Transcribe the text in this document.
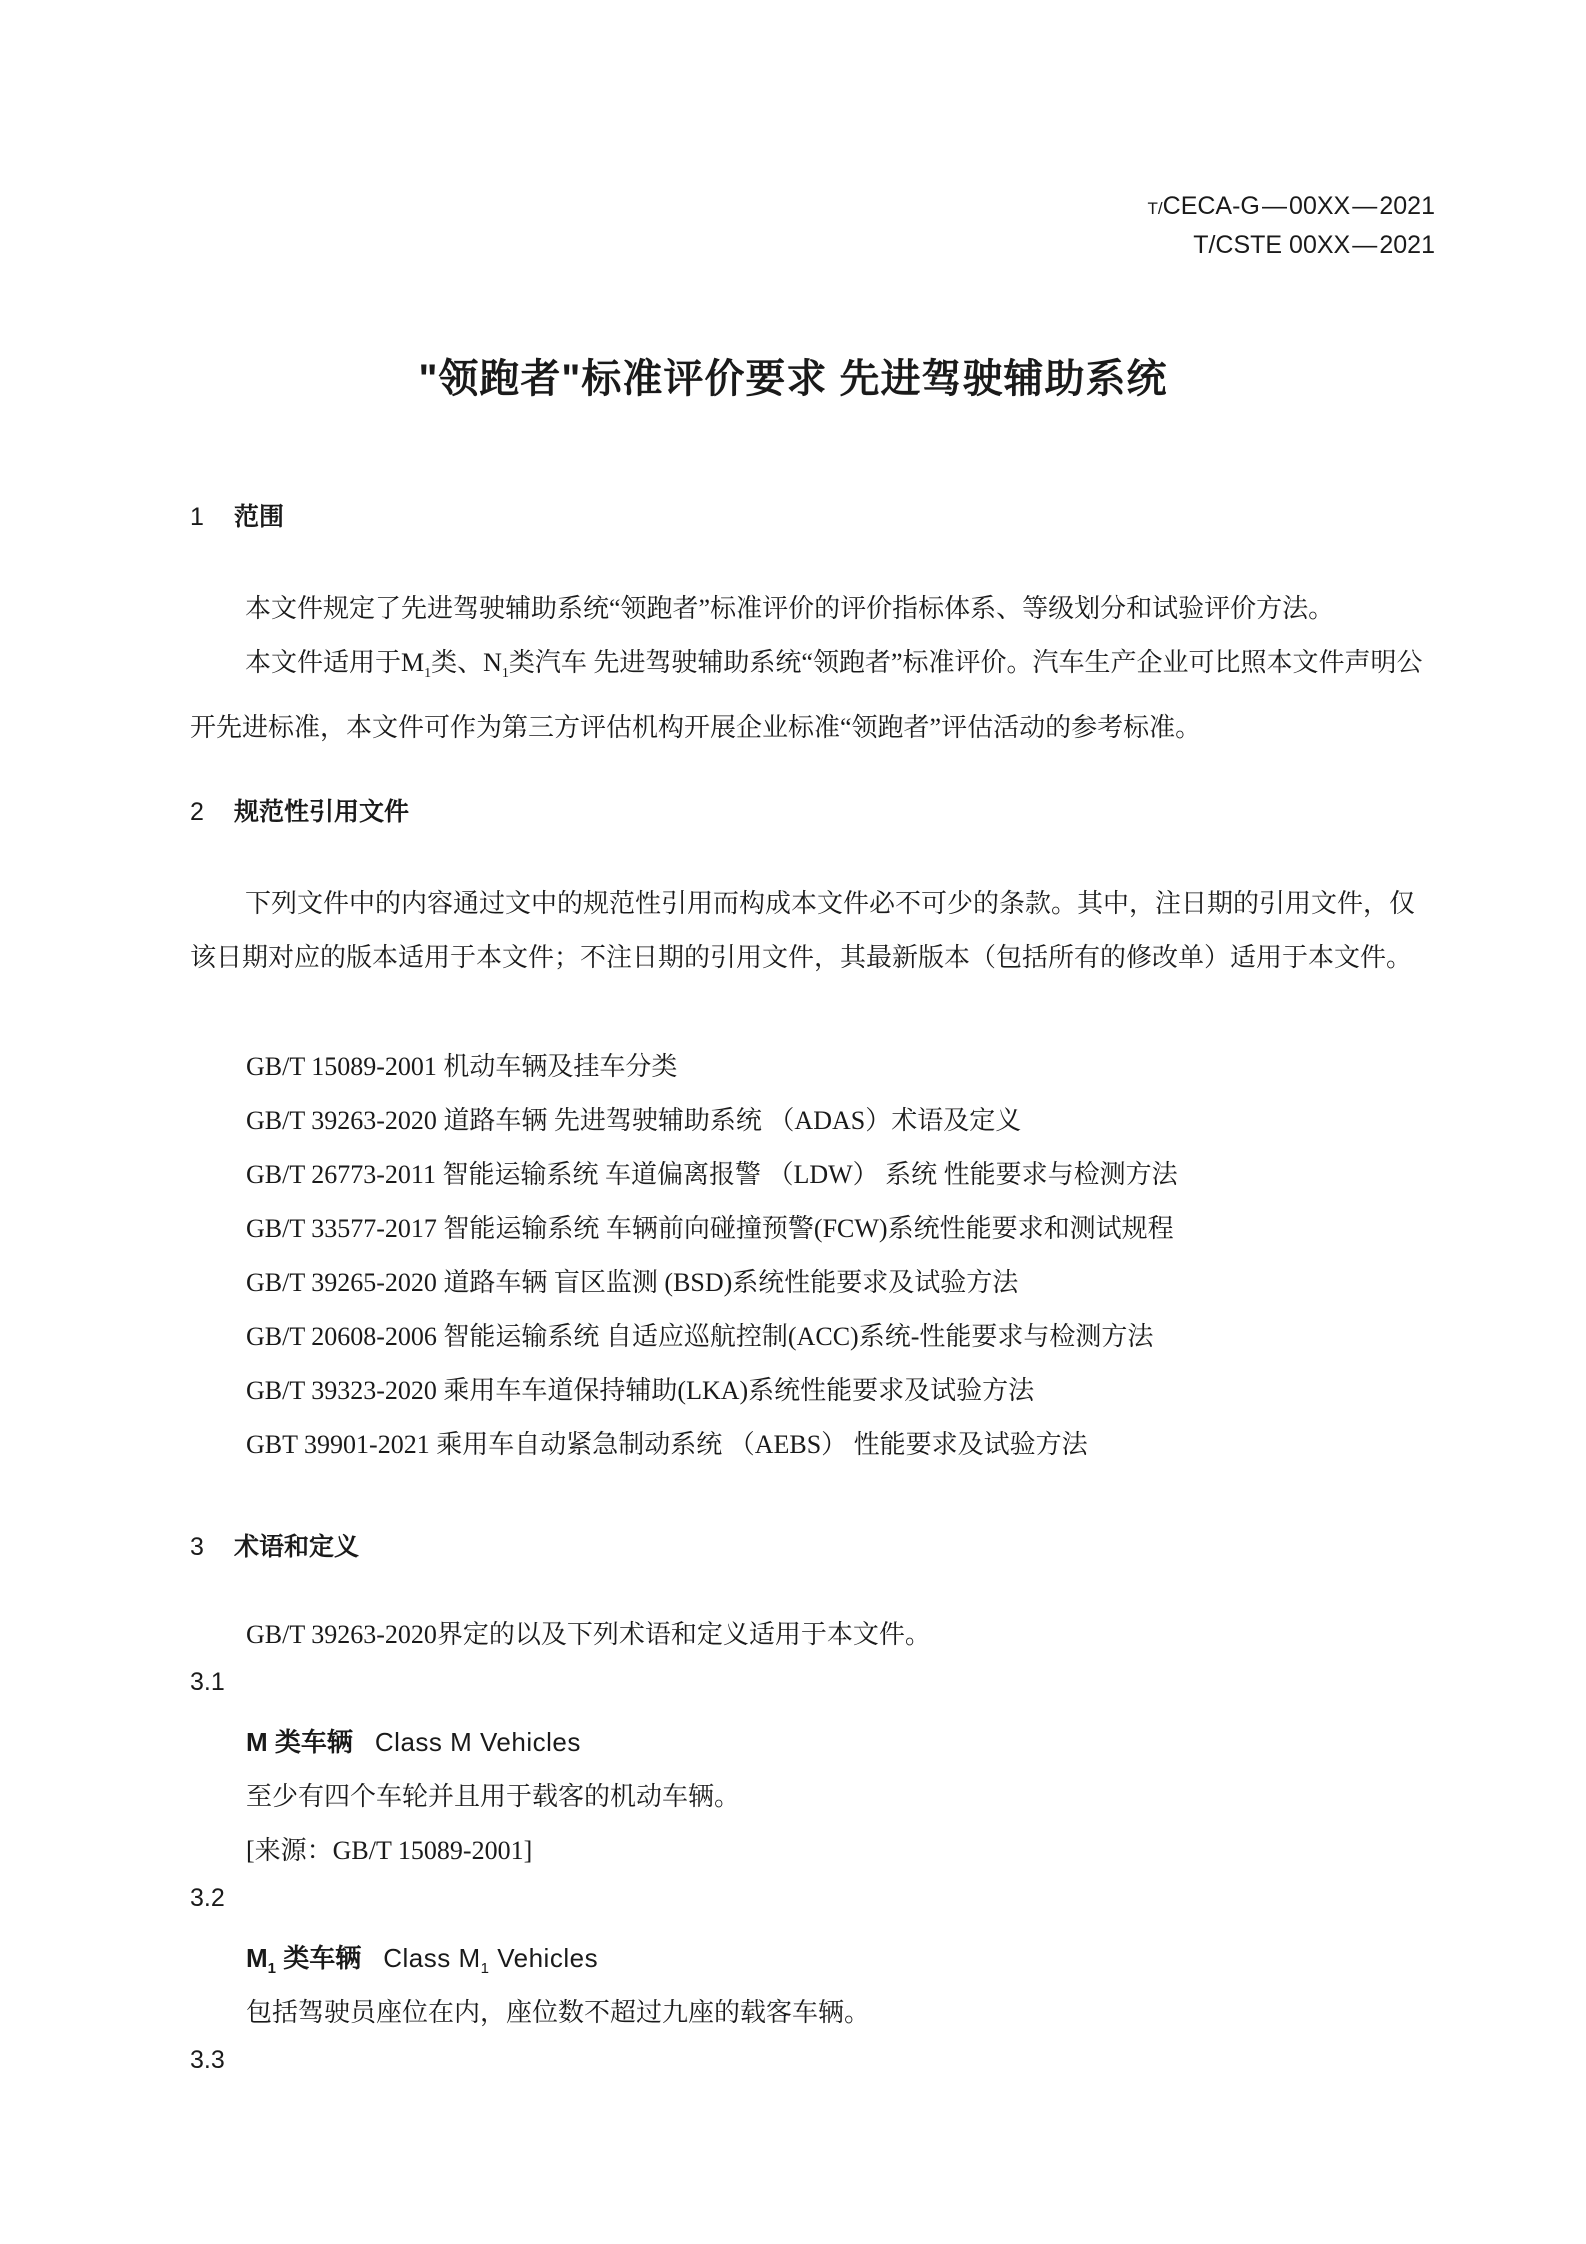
T/CECA-G — 00XX — 2021
T/CSTE 00XX — 2021
"领跑者"标准评价要求 先进驾驶辅助系统
1 范围
本文件规定了先进驾驶辅助系统“领跑者”标准评价的评价指标体系、等级划分和试验评价方法。
本文件适用于$M_1$类、$N_1$类汽车 先进驾驶辅助系统“领跑者”标准评价。汽车生产企业可比照本文件声明公开先进标准，本文件可作为第三方评估机构开展企业标准“领跑者”评估活动的参考标准。
2 规范性引用文件
下列文件中的内容通过文中的规范性引用而构成本文件必不可少的条款。其中，注日期的引用文件，仅该日期对应的版本适用于本文件；不注日期的引用文件，其最新版本（包括所有的修改单）适用于本文件。
GB/T 15089-2001 机动车辆及挂车分类
GB/T 39263-2020 道路车辆 先进驾驶辅助系统 （ADAS）术语及定义
GB/T 26773-2011 智能运输系统 车道偏离报警 （LDW） 系统 性能要求与检测方法
GB/T 33577-2017 智能运输系统 车辆前向碰撞预警(FCW)系统性能要求和测试规程
GB/T 39265-2020 道路车辆 盲区监测 (BSD)系统性能要求及试验方法
GB/T 20608-2006 智能运输系统 自适应巡航控制(ACC)系统-性能要求与检测方法
GB/T 39323-2020 乘用车车道保持辅助(LKA)系统性能要求及试验方法
GBT 39901-2021 乘用车自动紧急制动系统 （AEBS） 性能要求及试验方法
3 术语和定义
GB/T 39263-2020界定的以及下列术语和定义适用于本文件。
3.1
M 类车辆 Class M Vehicles
至少有四个车轮并且用于载客的机动车辆。
[来源：GB/T 15089-2001]
3.2
$M_1$ 类车辆 Class $M_1$ Vehicles
包括驾驶员座位在内，座位数不超过九座的载客车辆。
3.3
